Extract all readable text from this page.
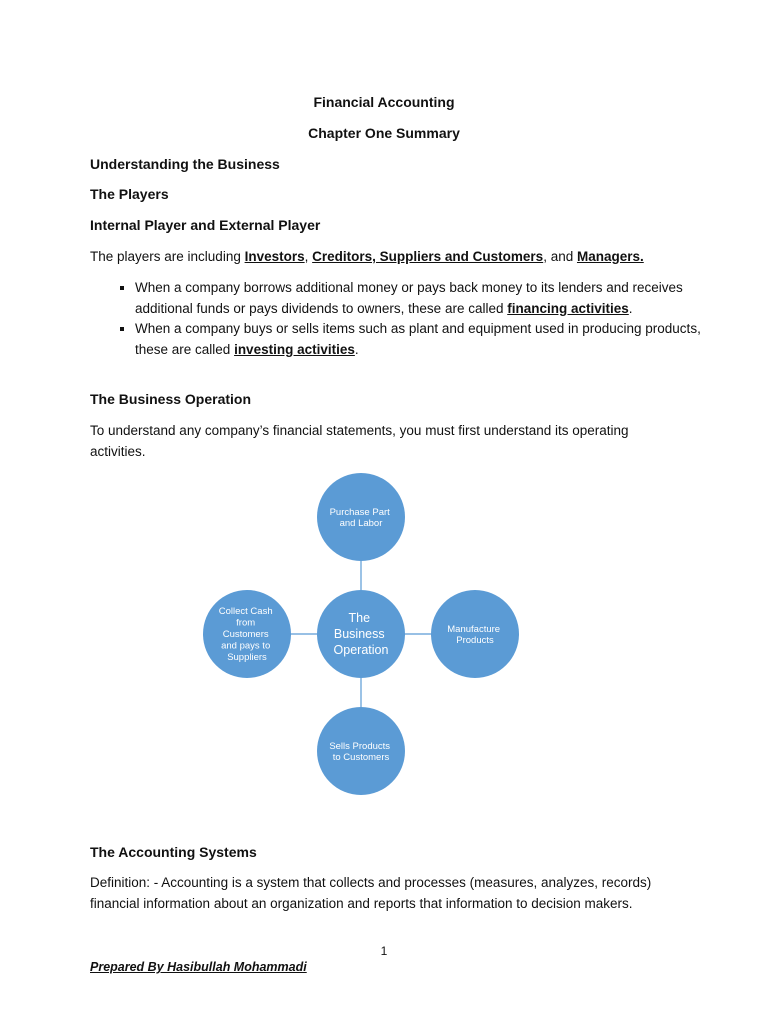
Financial Accounting
Chapter One Summary
Understanding the Business
The Players
Internal Player and External Player
The players are including Investors, Creditors, Suppliers and Customers, and Managers.
▪ When a company borrows additional money or pays back money to its lenders and receives additional funds or pays dividends to owners, these are called financing activities.
▪ When a company buys or sells items such as plant and equipment used in producing products, these are called investing activities.
The Business Operation
To understand any company’s financial statements, you must first understand its operating activities.
Purchase Part and Labor
Manufacture Products
Sells Products to Customers
Collect Cash from Customers and pays to Suppliers
The Business Operation
The Accounting Systems
Definition: - Accounting is a system that collects and processes (measures, analyzes, records) financial information about an organization and reports that information to decision makers.
1
Prepared By Hasibullah Mohammadi
